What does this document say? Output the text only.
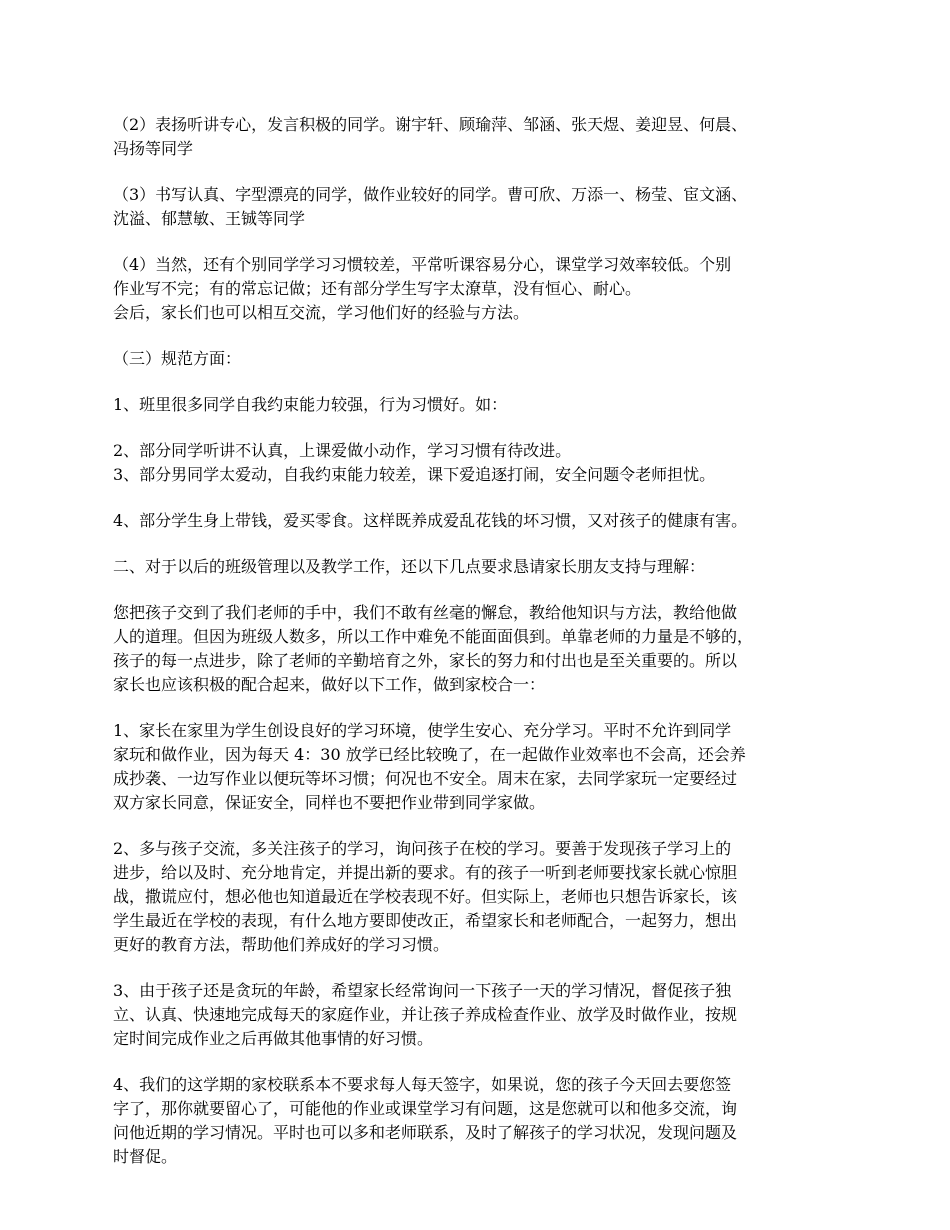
（2）表扬听讲专心，发言积极的同学。谢宇轩、顾瑜萍、邹涵、张天煜、姜迎昱、何晨、
冯扬等同学
（3）书写认真、字型漂亮的同学，做作业较好的同学。曹可欣、万添一、杨莹、宦文涵、
沈溢、郁慧敏、王铖等同学
（4）当然，还有个别同学学习习惯较差，平常听课容易分心，课堂学习效率较低。个别
作业写不完；有的常忘记做；还有部分学生写字太潦草，没有恒心、耐心。
会后，家长们也可以相互交流，学习他们好的经验与方法。
（三）规范方面：
1、班里很多同学自我约束能力较强，行为习惯好。如：
2、部分同学听讲不认真，上课爱做小动作，学习习惯有待改进。
3、部分男同学太爱动，自我约束能力较差，课下爱追逐打闹，安全问题令老师担忧。
4、部分学生身上带钱，爱买零食。这样既养成爱乱花钱的坏习惯，又对孩子的健康有害。
二、对于以后的班级管理以及教学工作，还以下几点要求恳请家长朋友支持与理解：
您把孩子交到了我们老师的手中，我们不敢有丝毫的懈怠，教给他知识与方法，教给他做
人的道理。但因为班级人数多，所以工作中难免不能面面俱到。单靠老师的力量是不够的，
孩子的每一点进步，除了老师的辛勤培育之外，家长的努力和付出也是至关重要的。所以
家长也应该积极的配合起来，做好以下工作，做到家校合一：
1、家长在家里为学生创设良好的学习环境，使学生安心、充分学习。平时不允许到同学
家玩和做作业，因为每天 4：30 放学已经比较晚了，在一起做作业效率也不会高，还会养
成抄袭、一边写作业以便玩等坏习惯；何况也不安全。周末在家，去同学家玩一定要经过
双方家长同意，保证安全，同样也不要把作业带到同学家做。
2、多与孩子交流，多关注孩子的学习，询问孩子在校的学习。要善于发现孩子学习上的
进步，给以及时、充分地肯定，并提出新的要求。有的孩子一听到老师要找家长就心惊胆
战，撒谎应付，想必他也知道最近在学校表现不好。但实际上，老师也只想告诉家长，该
学生最近在学校的表现，有什么地方要即使改正，希望家长和老师配合，一起努力，想出
更好的教育方法，帮助他们养成好的学习习惯。
3、由于孩子还是贪玩的年龄，希望家长经常询问一下孩子一天的学习情况，督促孩子独
立、认真、快速地完成每天的家庭作业，并让孩子养成检查作业、放学及时做作业，按规
定时间完成作业之后再做其他事情的好习惯。
4、我们的这学期的家校联系本不要求每人每天签字，如果说，您的孩子今天回去要您签
字了，那你就要留心了，可能他的作业或课堂学习有问题，这是您就可以和他多交流，询
问他近期的学习情况。平时也可以多和老师联系，及时了解孩子的学习状况，发现问题及
时督促。
